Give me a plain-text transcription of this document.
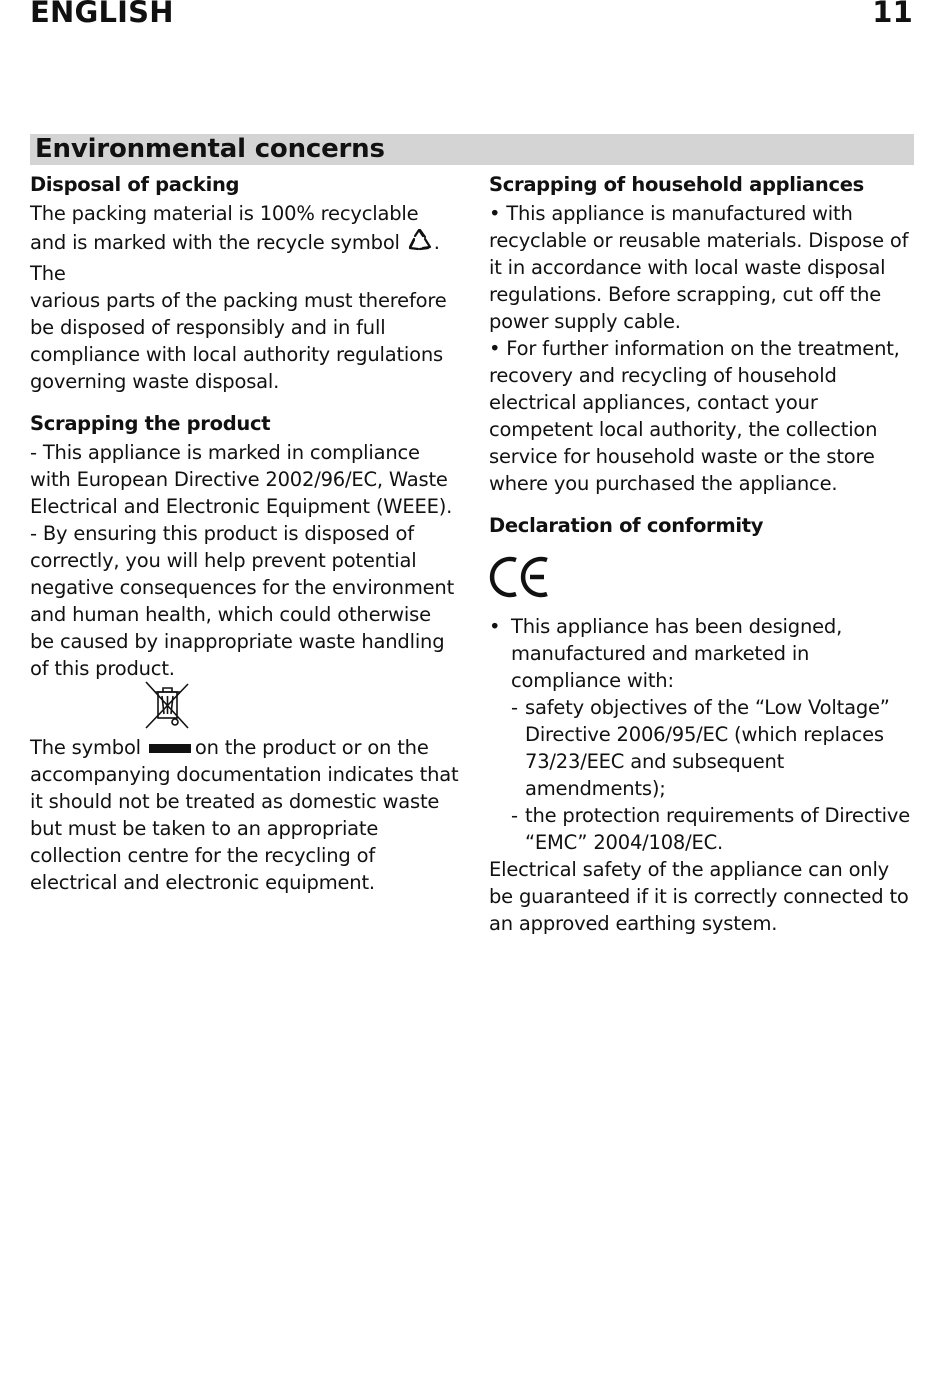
ENGLISH	11
Environmental concerns
Disposal of packing

The packing material is 100% recyclable
and is marked with the recycle symbol . The
various parts of the packing must therefore be disposed of responsibly and in full compliance with local authority regulations governing waste disposal.

Scrapping the product

- This appliance is marked in compliance with European Directive 2002/96/EC, Waste Electrical and Electronic Equipment (WEEE).

- By ensuring this product is disposed of correctly, you will help prevent potential negative consequences for the environment and human health, which could otherwise be caused by inappropriate waste handling of this product.

The symbol	on the product or on the
accompanying documentation indicates that it should not be treated as domestic waste but must be taken to an appropriate collection centre for the recycling of electrical and electronic equipment.

Scrapping of household appliances

• This appliance is manufactured with recyclable or reusable materials. Dispose of it in accordance with local waste disposal regulations. Before scrapping, cut off the power supply cable.

• For further information on the treatment, recovery and recycling of household electrical appliances, contact your competent local authority, the collection service for household waste or the store where you purchased the appliance.

Declaration of conformity
• This appliance has been designed, manufactured and marketed in compliance with:
- safety objectives of the “Low Voltage” Directive 2006/95/EC (which replaces 73/23/EEC and subsequent amendments);
- the protection requirements of Directive “EMC” 2004/108/EC.

Electrical safety of the appliance can only be guaranteed if it is correctly connected to an approved earthing system.
